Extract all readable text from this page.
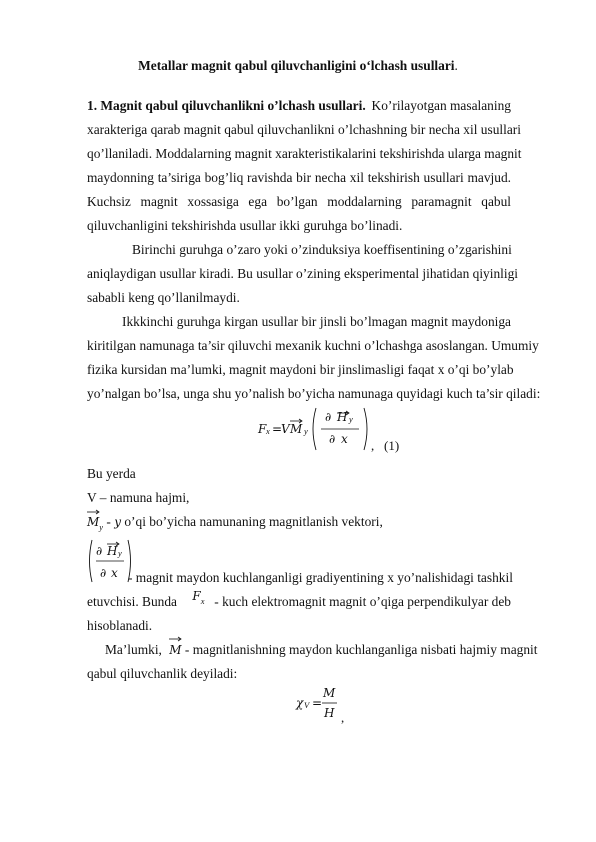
Metallar magnit qabul qiluvchanligini o‘lchash usullari.
1. Magnit qabul qiluvchanlikni o’lchash usullari. Ko’rilayotgan masalaning
xarakteriga qarab magnit qabul qiluvchanlikni o’lchashning bir necha xil usullari
qo’llaniladi. Moddalarning magnit xarakteristikalarini tekshirishda ularga magnit
maydonning ta’siriga bog’liq ravishda bir necha xil tekshirish usullari mavjud.
Kuchsiz magnit xossasiga ega bo’lgan moddalarning paramagnit qabul
qiluvchanligini tekshirishda usullar ikki guruhga bo’linadi.
Birinchi guruhga o’zaro yoki o’zinduksiya koeffisentining o’zgarishini
aniqlaydigan usullar kiradi. Bu usullar o’zining eksperimental jihatidan qiyinligi
sababli keng qo’llanilmaydi.
Ikkkinchi guruhga kirgan usullar bir jinsli bo’lmagan magnit maydoniga
kiritilgan namunaga ta’sir qiluvchi mexanik kuchni o’lchashga asoslangan. Umumiy
fizika kursidan ma’lumki, magnit maydoni bir jinslimasligi faqat x o’qi bo’ylab
yo’nalgan bo’lsa, unga shu yo’nalish bo’yicha namunaga quyidagi kuch ta’sir qiladi:
F x =
V M y
∂ H y
∂ x ,   (1)
Bu yerda
V – namuna hajmi,
$M_y$ - y o’qi bo’yicha namunaning magnitlanish vektori,
∂ H y
∂ x - magnit maydon kuchlanganligi gradiyentining x yo’nalishidagi tashkil
etuvchisi. Bunda Fx - kuch elektromagnit magnit o’qiga perpendikulyar deb
hisoblanadi.
Ma’lumki, M - magnitlanishning maydon kuchlanganliga nisbati hajmiy magnit
qabul qiluvchanlik deyiladi:
χ V =
M
H ,
